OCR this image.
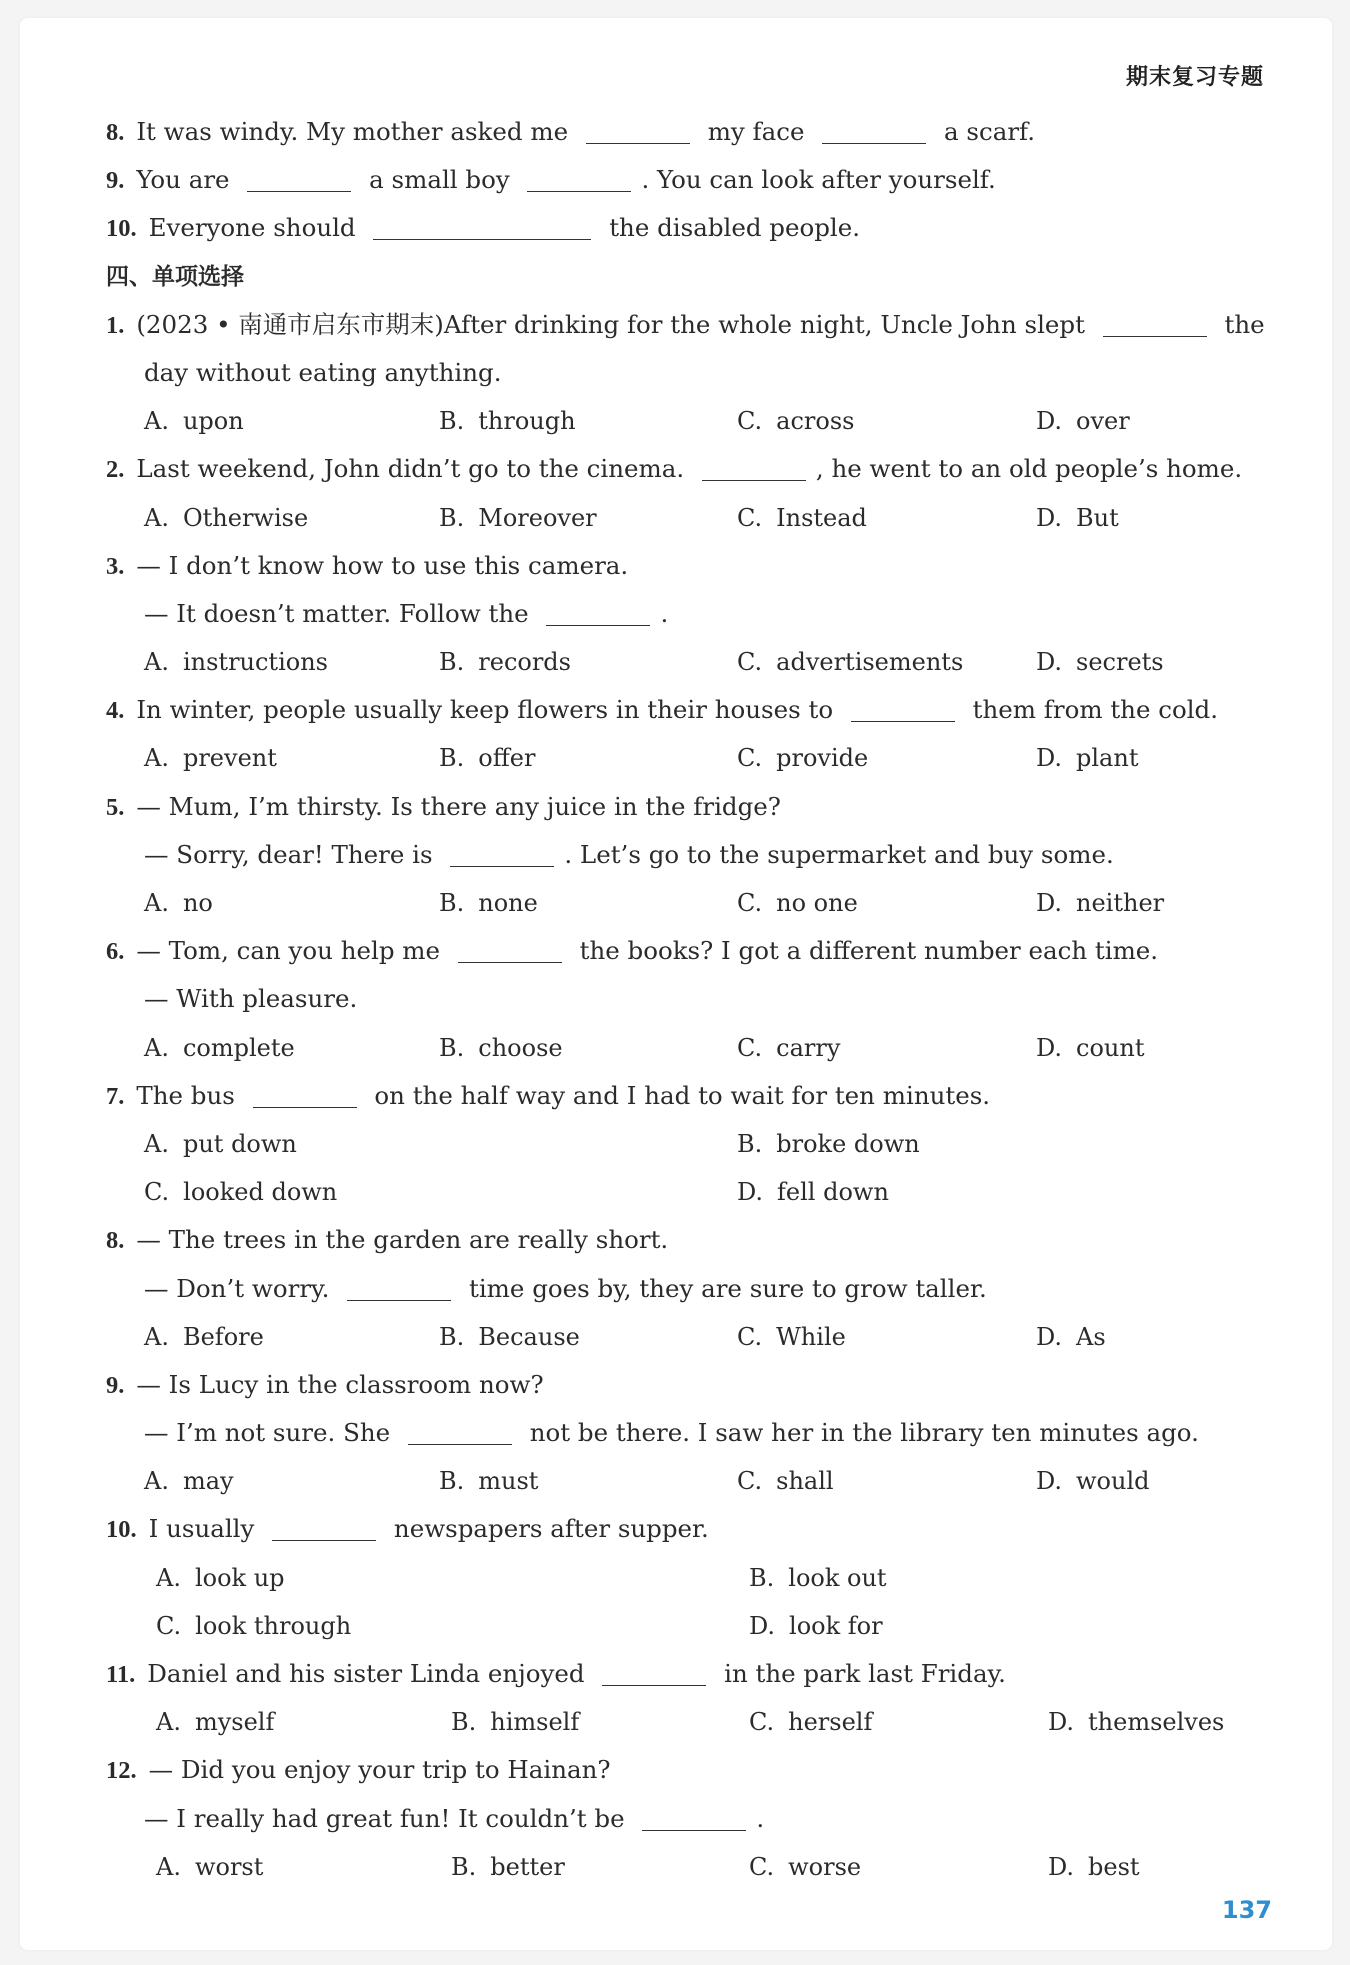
期末复习专题
8. It was windy. My mother asked me	my face	a scarf.
9. You are	a small boy	. You can look after yourself.
10. Everyone should	the disabled people.
四、单项选择
1. (2023 • 南通市启东市期末)After drinking for the whole night, Uncle John slept	the
day without eating anything.
A. upon	B. through	C. across	D. over
2. Last weekend, John didn’t go to the cinema.	, he went to an old people’s home.
A. Otherwise	B. Moreover	C. Instead	D. But
3. — I don’t know how to use this camera.
— It doesn’t matter. Follow the	.
A. instructions	B. records	C. advertisements	D. secrets
4. In winter, people usually keep flowers in their houses to	them from the cold.
A. prevent	B. offer	C. provide	D. plant
5. — Mum, I’m thirsty. Is there any juice in the fridge?
— Sorry, dear! There is	. Let’s go to the supermarket and buy some.
A. no	B. none	C. no one	D. neither
6. — Tom, can you help me	the books? I got a different number each time.
— With pleasure.
A. complete	B. choose	C. carry	D. count
7. The bus	on the half way and I had to wait for ten minutes.
A. put down	B. broke down
C. looked down	D. fell down
8. — The trees in the garden are really short.
— Don’t worry.	time goes by, they are sure to grow taller.
A. Before	B. Because	C. While	D. As
9. — Is Lucy in the classroom now?
— I’m not sure. She	not be there. I saw her in the library ten minutes ago.
A. may	B. must	C. shall	D. would
10. I usually	newspapers after supper.
A. look up	B. look out
C. look through	D. look for
11. Daniel and his sister Linda enjoyed	in the park last Friday.
A. myself	B. himself	C. herself	D. themselves
12. — Did you enjoy your trip to Hainan?
— I really had great fun! It couldn’t be	.
A. worst	B. better	C. worse	D. best
137
